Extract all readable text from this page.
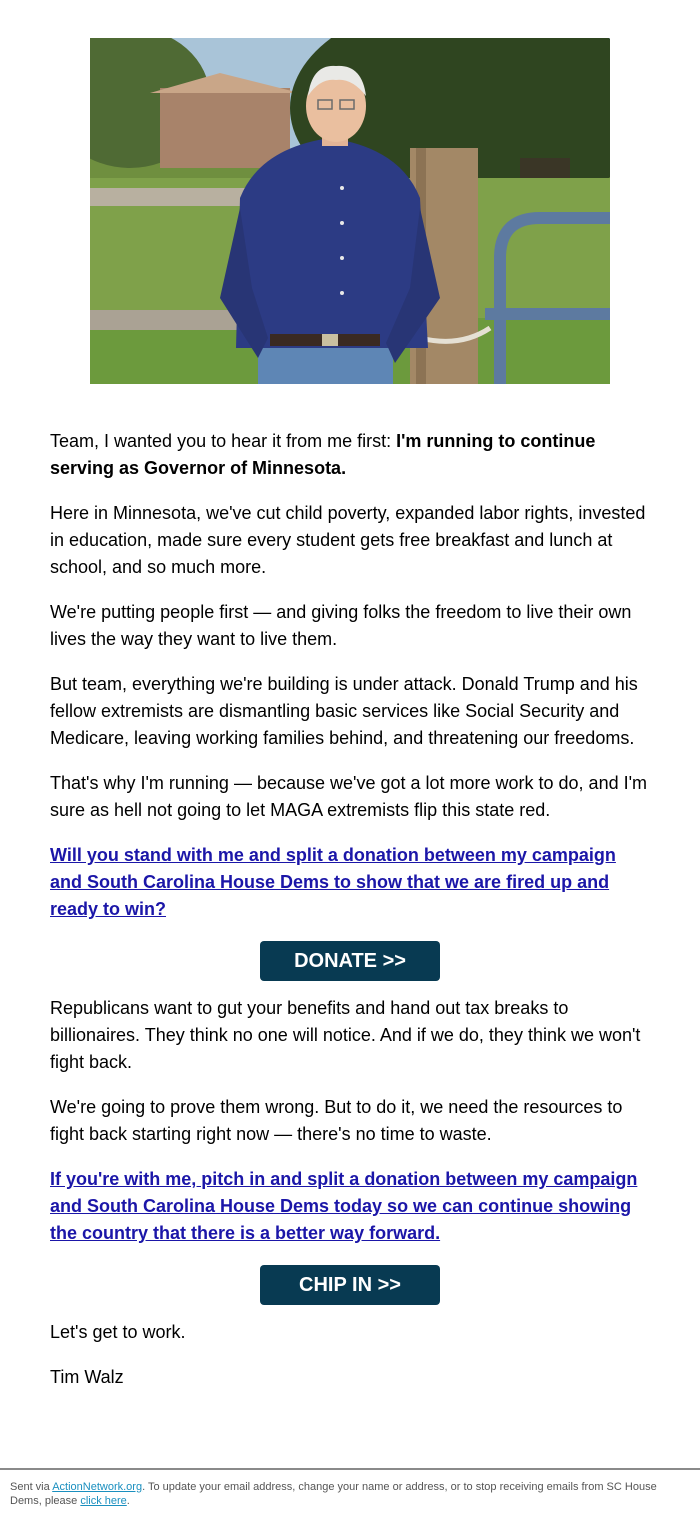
Team, I wanted you to hear it from me first: I'm running to continue serving as Governor of Minnesota.

Here in Minnesota, we've cut child poverty, expanded labor rights, invested in education, made sure every student gets free breakfast and lunch at school, and so much more.

We're putting people first — and giving folks the freedom to live their own lives the way they want to live them.

But team, everything we're building is under attack. Donald Trump and his fellow extremists are dismantling basic services like Social Security and Medicare, leaving working families behind, and threatening our freedoms.

That's why I'm running — because we've got a lot more work to do, and I'm sure as hell not going to let MAGA extremists flip this state red.

Will you stand with me and split a donation between my campaign and South Carolina House Dems to show that we are fired up and ready to win?

DONATE >>

Republicans want to gut your benefits and hand out tax breaks to billionaires. They think no one will notice. And if we do, they think we won't fight back.

We're going to prove them wrong. But to do it, we need the resources to fight back starting right now — there's no time to waste.

If you're with me, pitch in and split a donation between my campaign and South Carolina House Dems today so we can continue showing the country that there is a better way forward.

CHIP IN >>

Let's get to work.

Tim Walz

Sent via ActionNetwork.org. To update your email address, change your name or address, or to stop receiving emails from SC House Dems, please click here.
